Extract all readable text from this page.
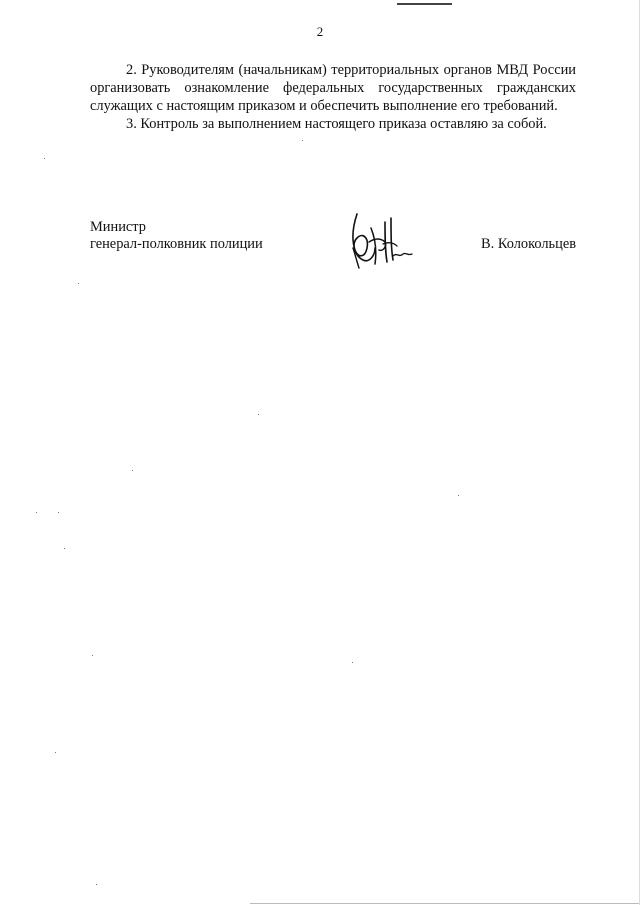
2

2. Руководителям (начальникам) территориальных органов МВД России организовать ознакомление федеральных государственных гражданских служащих с настоящим приказом и обеспечить выполнение его требований.

3. Контроль за выполнением настоящего приказа оставляю за собой.

Министр
генерал-полковник полиции	В. Колокольцев
